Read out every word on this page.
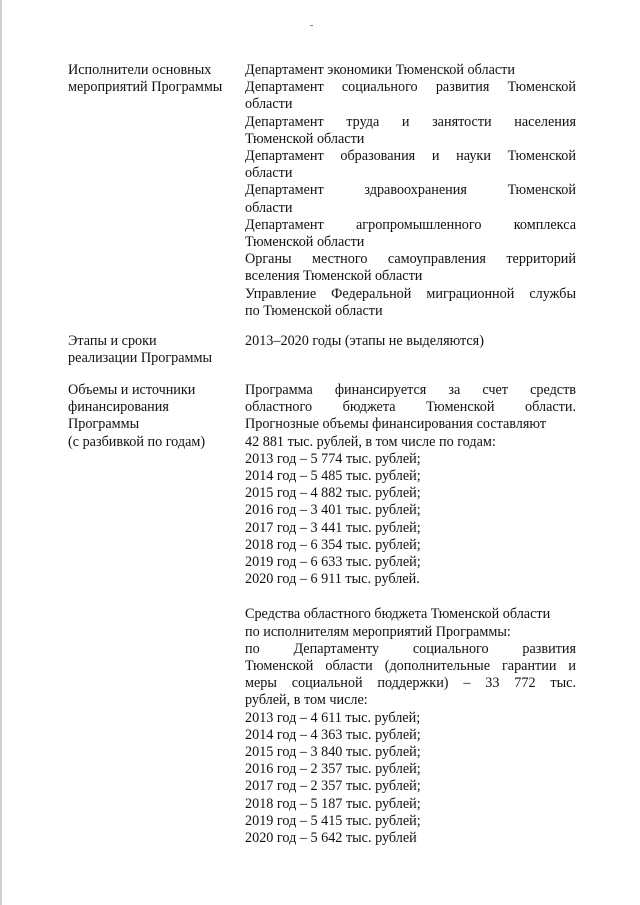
-
Исполнители основных
мероприятий Программы
Департамент экономики Тюменской области
Департамент социального развития Тюменской
области
Департамент труда и занятости населения
Тюменской области
Департамент образования и науки Тюменской
области
Департамент здравоохранения Тюменской
области
Департамент агропромышленного комплекса
Тюменской области
Органы местного самоуправления территорий
вселения Тюменской области
Управление Федеральной миграционной службы
по Тюменской области
Этапы и сроки
реализации Программы
2013–2020 годы (этапы не выделяются)
Объемы и источники
финансирования
Программы
(с разбивкой по годам)
Программа финансируется за счет средств
областного бюджета Тюменской области.
Прогнозные объемы финансирования составляют
42 881 тыс. рублей, в том числе по годам:
2013 год – 5 774 тыс. рублей;
2014 год – 5 485 тыс. рублей;
2015 год – 4 882 тыс. рублей;
2016 год – 3 401 тыс. рублей;
2017 год – 3 441 тыс. рублей;
2018 год – 6 354 тыс. рублей;
2019 год – 6 633 тыс. рублей;
2020 год – 6 911 тыс. рублей.
Средства областного бюджета Тюменской области
по исполнителям мероприятий Программы:
по Департаменту социального развития
Тюменской области (дополнительные гарантии и
меры социальной поддержки) – 33 772 тыс.
рублей, в том числе:
2013 год – 4 611 тыс. рублей;
2014 год – 4 363 тыс. рублей;
2015 год – 3 840 тыс. рублей;
2016 год – 2 357 тыс. рублей;
2017 год – 2 357 тыс. рублей;
2018 год – 5 187 тыс. рублей;
2019 год – 5 415 тыс. рублей;
2020 год – 5 642 тыс. рублей
